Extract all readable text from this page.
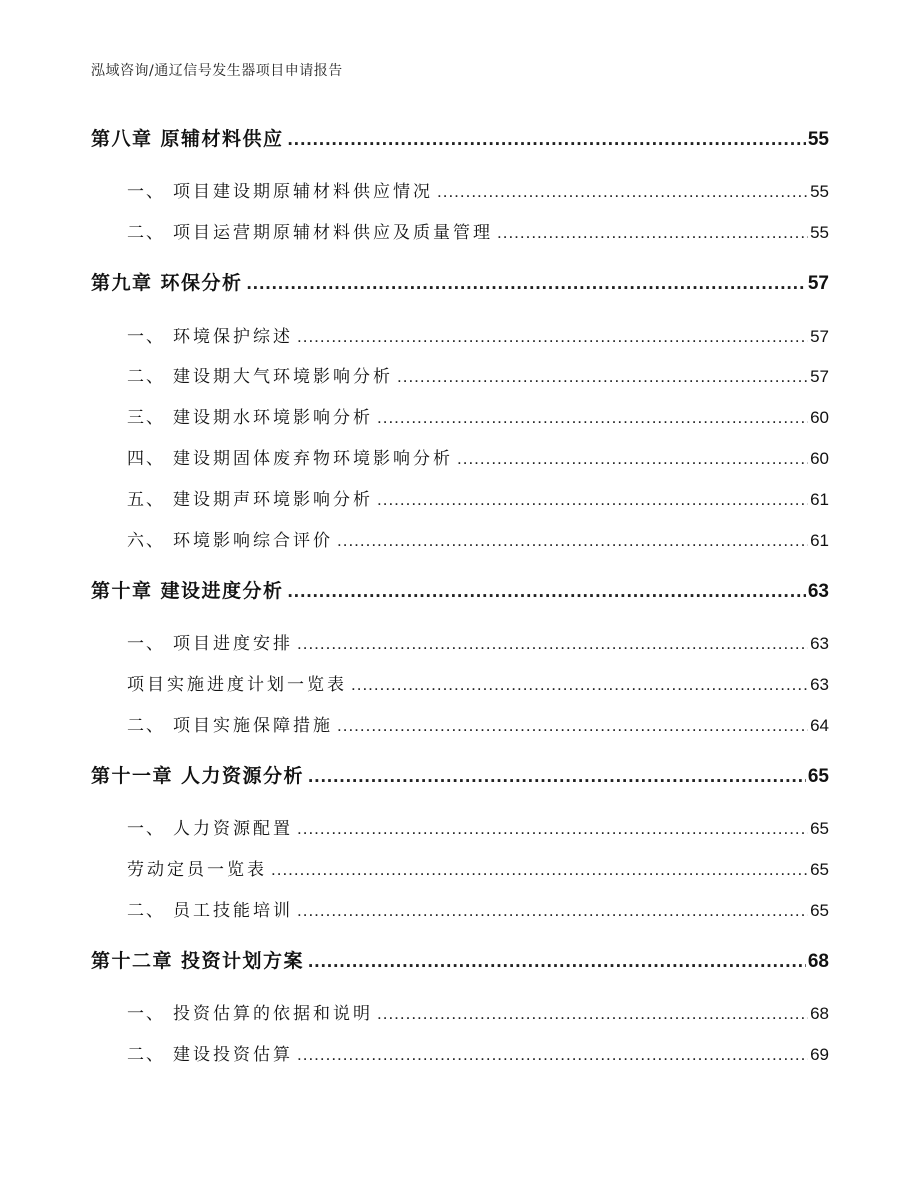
泓域咨询/通辽信号发生器项目申请报告
第八章 原辅材料供应 .....	55
一、 项目建设期原辅材料供应情况 .....	55
二、 项目运营期原辅材料供应及质量管理 .....	55
第九章 环保分析 .....	57
一、 环境保护综述 .....	57
二、 建设期大气环境影响分析 .....	57
三、 建设期水环境影响分析 .....	60
四、 建设期固体废弃物环境影响分析 .....	60
五、 建设期声环境影响分析 .....	61
六、 环境影响综合评价 .....	61
第十章 建设进度分析 .....	63
一、 项目进度安排 .....	63
项目实施进度计划一览表 .....	63
二、 项目实施保障措施 .....	64
第十一章 人力资源分析 .....	65
一、 人力资源配置 .....	65
劳动定员一览表 .....	65
二、 员工技能培训 .....	65
第十二章 投资计划方案 .....	68
一、 投资估算的依据和说明 .....	68
二、 建设投资估算 .....	69
